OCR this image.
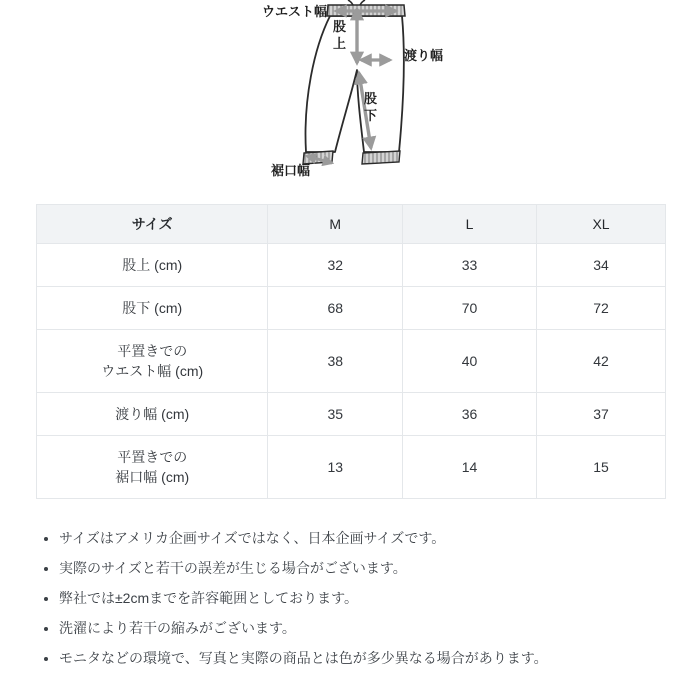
ウエスト幅
股上
渡り幅
股下
裾口幅
サイズ	M	L	XL

股上 (cm)	32	33	34

股下 (cm)	68	70	72

平置きでの
ウエスト幅 (cm)	38	40	42

渡り幅 (cm)	35	36	37

平置きでの
裾口幅 (cm)	13	14	15
• サイズはアメリカ企画サイズではなく、日本企画サイズです。
• 実際のサイズと若干の誤差が生じる場合がございます。
• 弊社では±2cmまでを許容範囲としております。
• 洗濯により若干の縮みがございます。
• モニタなどの環境で、写真と実際の商品とは色が多少異なる場合があります。
